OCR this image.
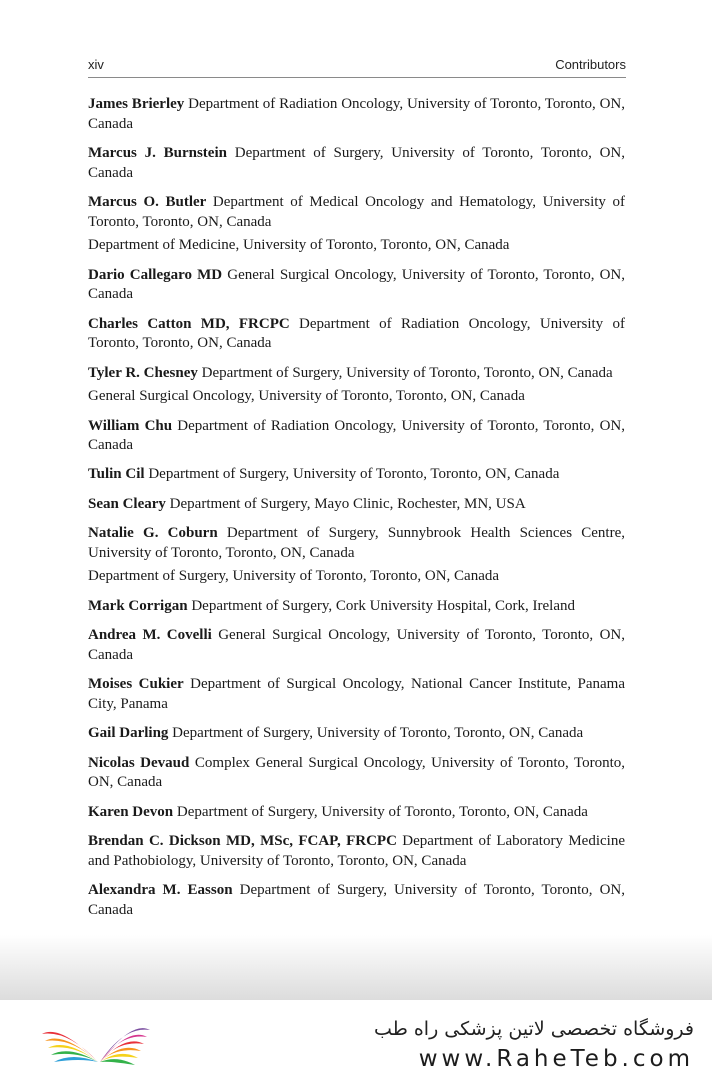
xiv	Contributors
James Brierley Department of Radiation Oncology, University of Toronto, Toronto, ON, Canada
Marcus J. Burnstein Department of Surgery, University of Toronto, Toronto, ON, Canada
Marcus O. Butler Department of Medical Oncology and Hematology, University of Toronto, Toronto, ON, Canada
Department of Medicine, University of Toronto, Toronto, ON, Canada
Dario Callegaro MD General Surgical Oncology, University of Toronto, Toronto, ON, Canada
Charles Catton MD, FRCPC Department of Radiation Oncology, University of Toronto, Toronto, ON, Canada
Tyler R. Chesney Department of Surgery, University of Toronto, Toronto, ON, Canada
General Surgical Oncology, University of Toronto, Toronto, ON, Canada
William Chu Department of Radiation Oncology, University of Toronto, Toronto, ON, Canada
Tulin Cil Department of Surgery, University of Toronto, Toronto, ON, Canada
Sean Cleary Department of Surgery, Mayo Clinic, Rochester, MN, USA
Natalie G. Coburn Department of Surgery, Sunnybrook Health Sciences Centre, University of Toronto, Toronto, ON, Canada
Department of Surgery, University of Toronto, Toronto, ON, Canada
Mark Corrigan Department of Surgery, Cork University Hospital, Cork, Ireland
Andrea M. Covelli General Surgical Oncology, University of Toronto, Toronto, ON, Canada
Moises Cukier Department of Surgical Oncology, National Cancer Institute, Panama City, Panama
Gail Darling Department of Surgery, University of Toronto, Toronto, ON, Canada
Nicolas Devaud Complex General Surgical Oncology, University of Toronto, Toronto, ON, Canada
Karen Devon Department of Surgery, University of Toronto, Toronto, ON, Canada
Brendan C. Dickson MD, MSc, FCAP, FRCPC Department of Laboratory Medicine and Pathobiology, University of Toronto, Toronto, ON, Canada
Alexandra M. Easson Department of Surgery, University of Toronto, Toronto, ON, Canada
فروشگاه تخصصی لاتین پزشکی راه طب
www.RaheTeb.com
